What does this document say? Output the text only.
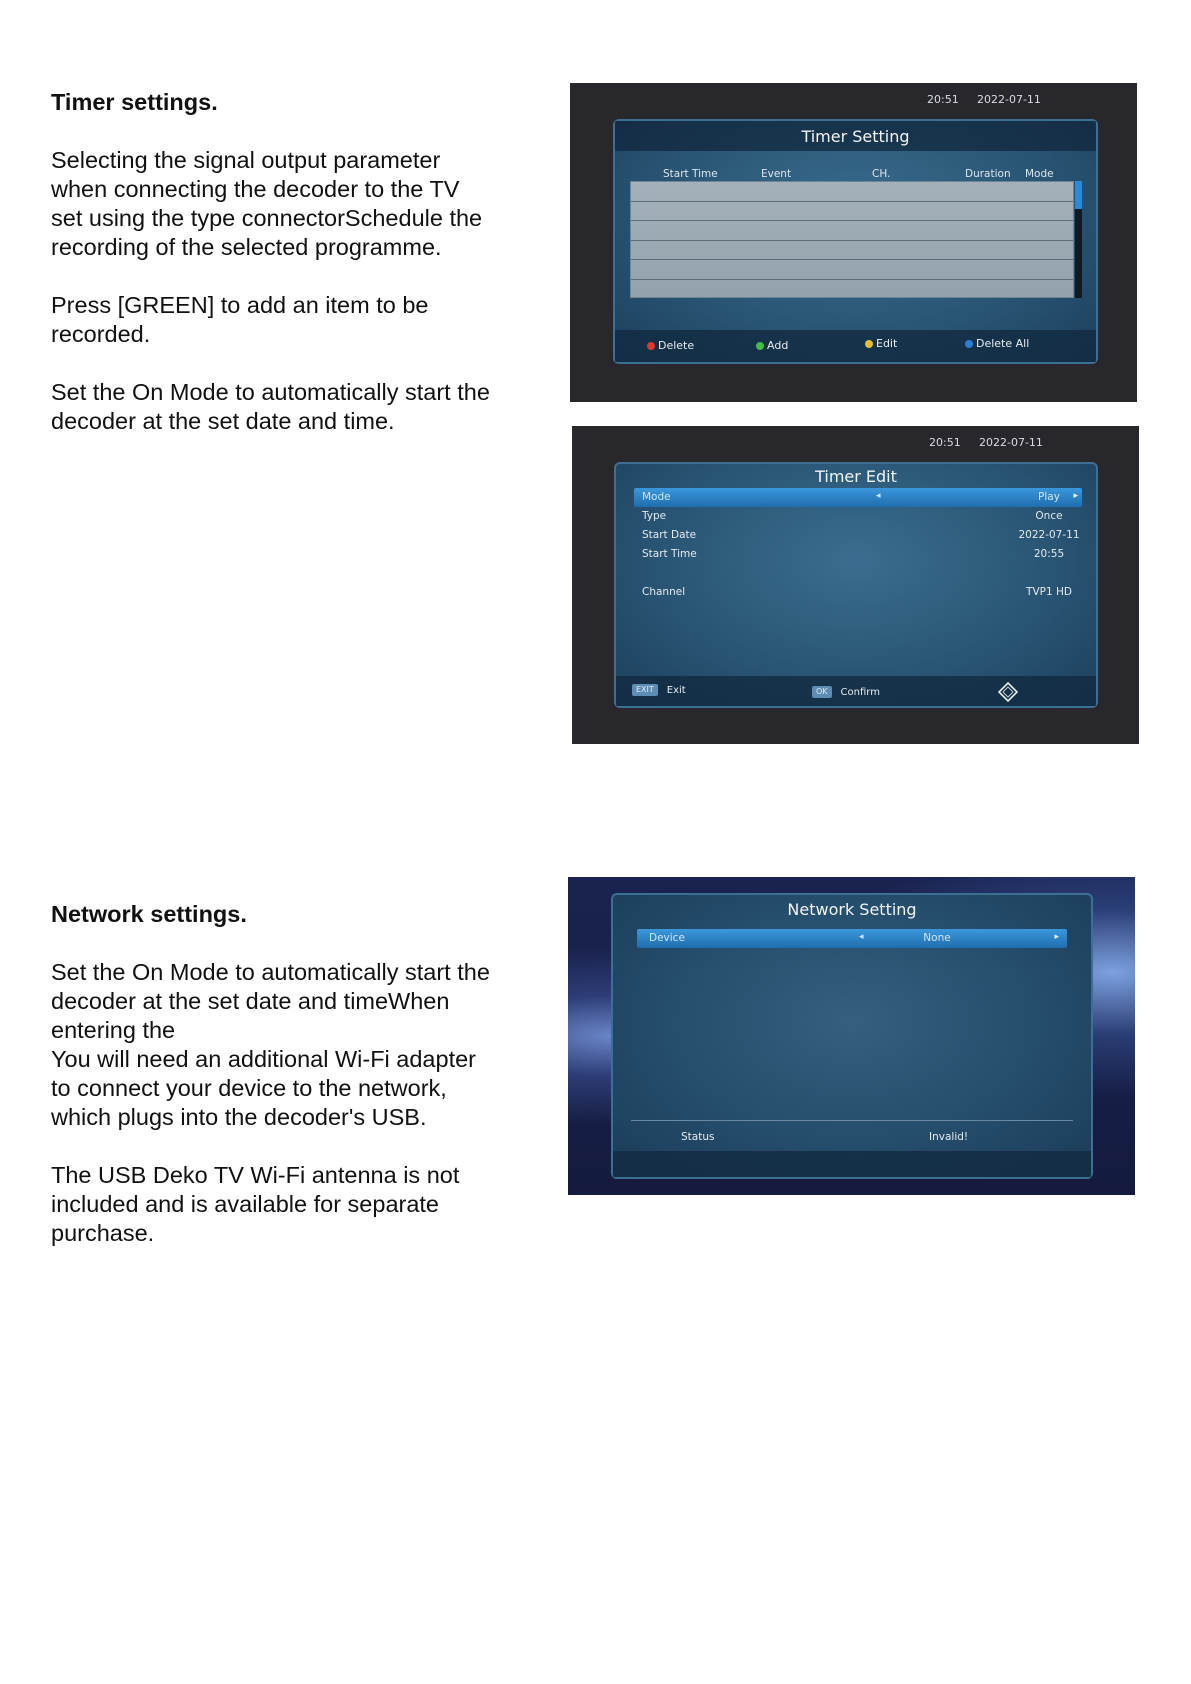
Timer settings.

Selecting the signal output parameter when connecting the decoder to the TV set using the type connectorSchedule the recording of the selected programme.

Press [GREEN] to add an item to be recorded.

Set the On Mode to automatically start the decoder at the set date and time.

Network settings.

Set the On Mode to automatically start the decoder at the set date and timeWhen entering the
You will need an additional Wi-Fi adapter to connect your device to the network, which plugs into the decoder's USB.

The USB Deko TV Wi-Fi antenna is not included and is available for separate purchase.

20:51 2022-07-11
Timer Setting
Start Time	Event	CH.	Duration Mode
Delete	Add	Edit	Delete All
20:51 2022-07-11
Timer Edit
Mode	◂	Play	▸
Type	Once
Start Date	2022-07-11
Start Time	20:55
Channel	TVP1 HD
EXIT	Exit	OK	Confirm
Network Setting
Device	◂	None	▸
Status	Invalid!
